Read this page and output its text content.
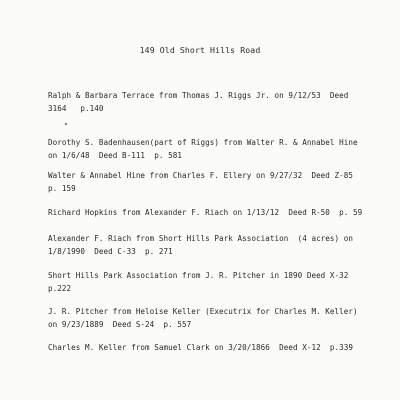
149 Old Short Hills Road
Ralph & Barbara Terrace from Thomas J. Riggs Jr. on 9/12/53  Deed
3164   p.140
Dorothy S. Badenhausen(part of Riggs) from Walter R. & Annabel Hine
on 1/6/48  Deed B-111  p. 581
Walter & Annabel Hine from Charles F. Ellery on 9/27/32  Deed Z-85
p. 159
Richard Hopkins from Alexander F. Riach on 1/13/12  Deed R-50  p. 59
Alexander F. Riach from Short Hills Park Association  (4 acres) on
1/8/1990  Deed C-33  p. 271
Short Hills Park Association from J. R. Pitcher in 1890 Deed X-32
p.222
J. R. Pitcher from Heloise Keller (Executrix for Charles M. Keller)
on 9/23/1889  Deed S-24  p. 557
Charles M. Keller from Samuel Clark on 3/20/1866  Deed X-12  p.339
